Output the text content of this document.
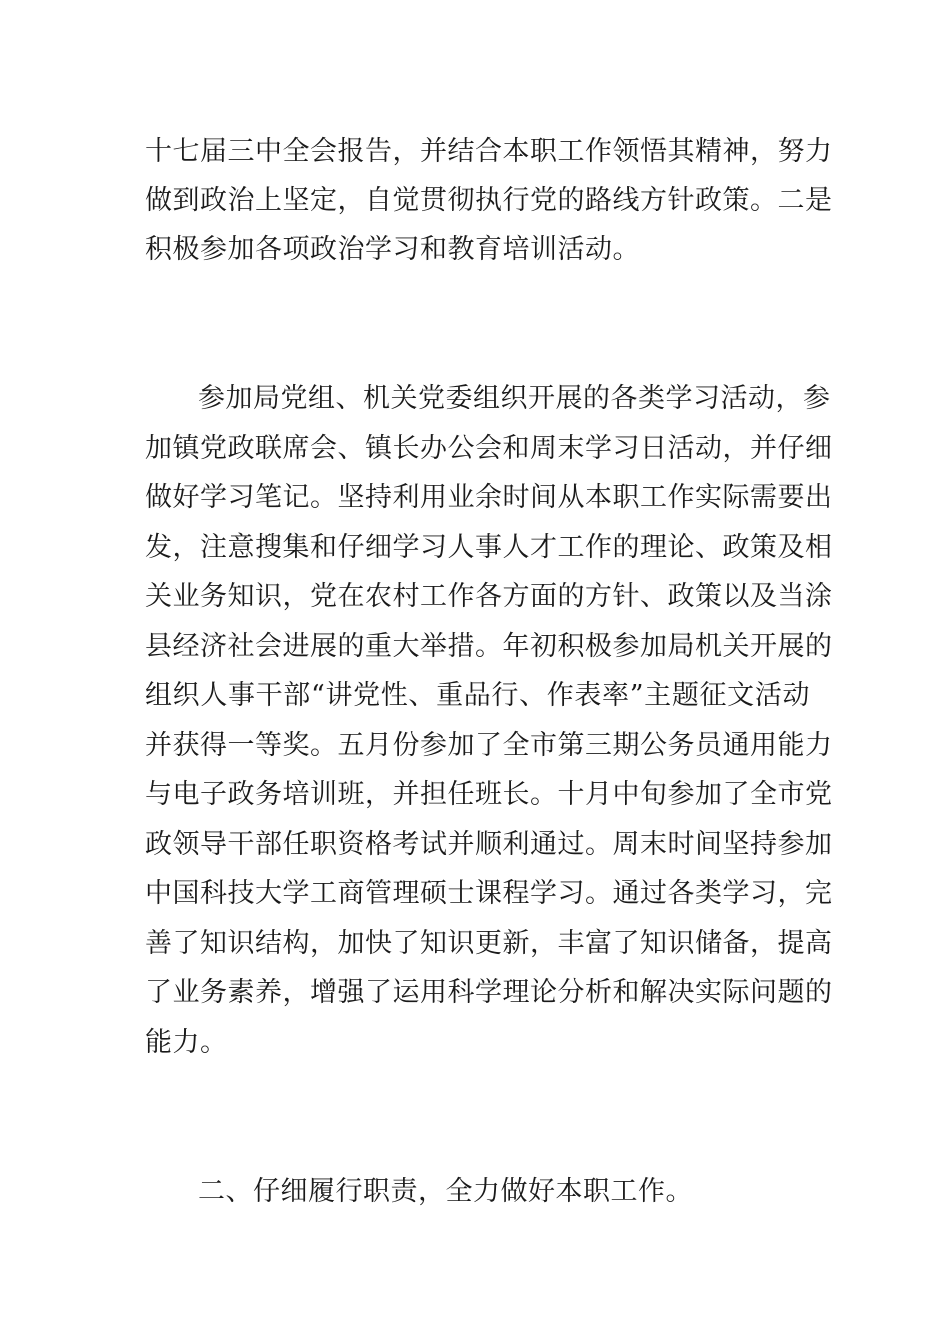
十七届三中全会报告，并结合本职工作领悟其精神，努力
做到政治上坚定，自觉贯彻执行党的路线方针政策。二是
积极参加各项政治学习和教育培训活动。
参加局党组、机关党委组织开展的各类学习活动，参
加镇党政联席会、镇长办公会和周末学习日活动，并仔细
做好学习笔记。坚持利用业余时间从本职工作实际需要出
发，注意搜集和仔细学习人事人才工作的理论、政策及相
关业务知识，党在农村工作各方面的方针、政策以及当涂
县经济社会进展的重大举措。年初积极参加局机关开展的
组织人事干部“讲党性、重品行、作表率”主题征文活动
并获得一等奖。五月份参加了全市第三期公务员通用能力
与电子政务培训班，并担任班长。十月中旬参加了全市党
政领导干部任职资格考试并顺利通过。周末时间坚持参加
中国科技大学工商管理硕士课程学习。通过各类学习，完
善了知识结构，加快了知识更新，丰富了知识储备，提高
了业务素养，增强了运用科学理论分析和解决实际问题的
能力。
二、仔细履行职责，全力做好本职工作。
